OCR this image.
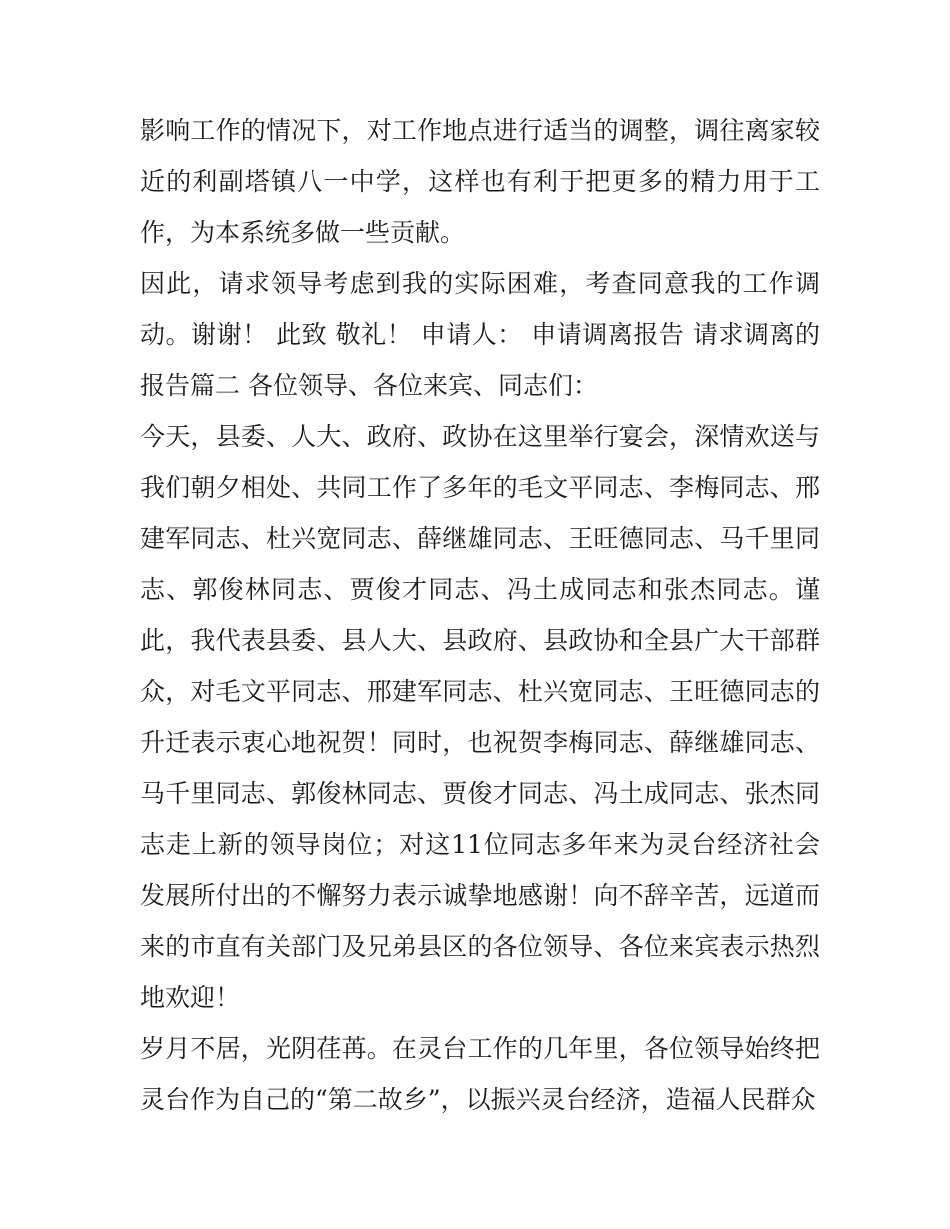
影响工作的情况下，对工作地点进行适当的调整，调往离家较近的利副塔镇八一中学，这样也有利于把更多的精力用于工作，为本系统多做一些贡献。

因此，请求领导考虑到我的实际困难，考查同意我的工作调动。谢谢！ 此致 敬礼！ 申请人： 申请调离报告 请求调离的报告篇二 各位领导、各位来宾、同志们：

今天，县委、人大、政府、政协在这里举行宴会，深情欢送与我们朝夕相处、共同工作了多年的毛文平同志、李梅同志、邢建军同志、杜兴宽同志、薛继雄同志、王旺德同志、马千里同志、郭俊林同志、贾俊才同志、冯土成同志和张杰同志。谨此，我代表县委、县人大、县政府、县政协和全县广大干部群众，对毛文平同志、邢建军同志、杜兴宽同志、王旺德同志的升迁表示衷心地祝贺！同时，也祝贺李梅同志、薛继雄同志、马千里同志、郭俊林同志、贾俊才同志、冯土成同志、张杰同志走上新的领导岗位；对这11位同志多年来为灵台经济社会发展所付出的不懈努力表示诚挚地感谢！向不辞辛苦，远道而来的市直有关部门及兄弟县区的各位领导、各位来宾表示热烈地欢迎！

岁月不居，光阴荏苒。在灵台工作的几年里，各位领导始终把灵台作为自己的“第二故乡”，以振兴灵台经济，造福人民群众
